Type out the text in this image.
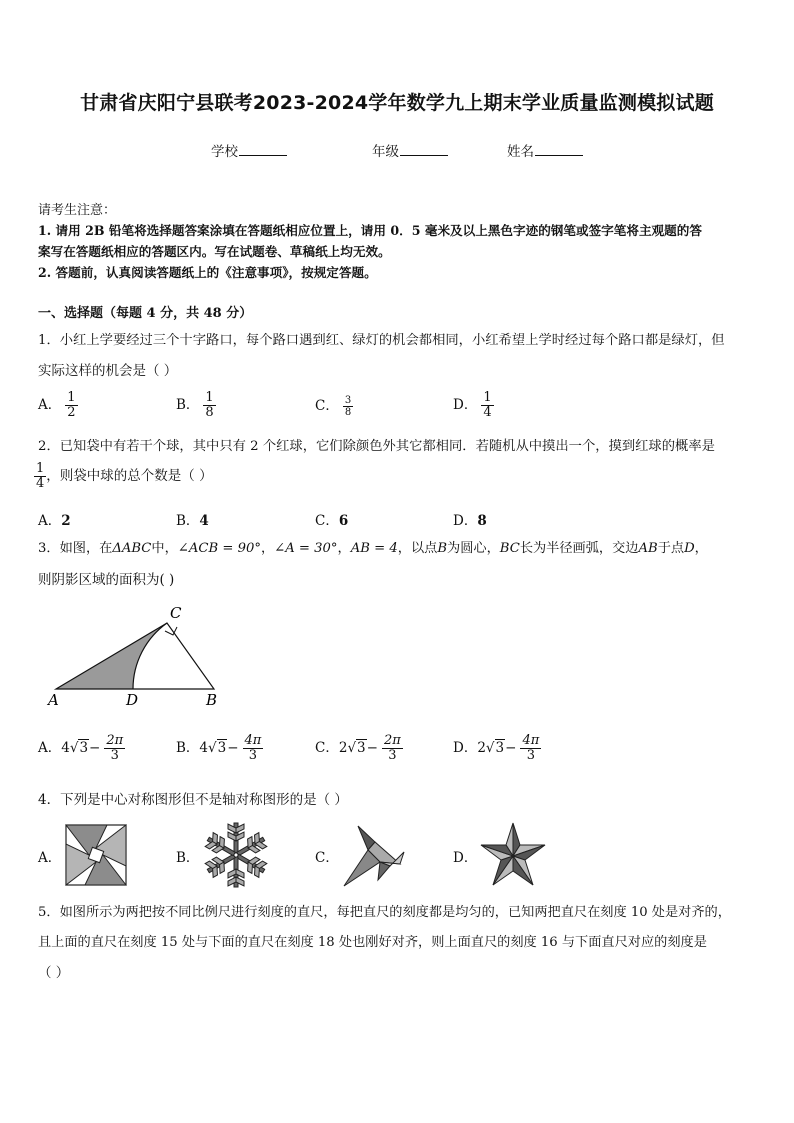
甘肃省庆阳宁县联考2023-2024学年数学九上期末学业质量监测模拟试题
学校	年级	姓名
请考生注意：
1. 请用 2B 铅笔将选择题答案涂填在答题纸相应位置上，请用 0．5 毫米及以上黑色字迹的钢笔或签字笔将主观题的答
案写在答题纸相应的答题区内。写在试题卷、草稿纸上均无效。
2. 答题前，认真阅读答题纸上的《注意事项》，按规定答题。
一、选择题（每题 4 分，共 48 分）
1．小红上学要经过三个十字路口，每个路口遇到红、绿灯的机会都相同，小红希望上学时经过每个路口都是绿灯，但
实际这样的机会是（ ）
A． $\frac{1}{2}$	B． $\frac{1}{8}$	C． $\frac{3}{8}$	D． $\frac{1}{4}$
2．已知袋中有若干个球，其中只有 2 个红球，它们除颜色外其它都相同．若随机从中摸出一个，摸到红球的概率是
$\frac{1}{4}$ ，则袋中球的总个数是（ ）
A．2	B．4	C．6	D．8
3．如图，在ΔABC中，∠ACB = 90°，∠A = 30°，AB = 4，以点B为圆心，BC长为半径画弧，交边AB于点D，
则阴影区域的面积为( )
C
A	D	B
A．$4√3- \frac{2\pi}{3}$	B．$4√3- \frac{4\pi}{3}$	C．$2√3- \frac{2\pi}{3}$	D．$2√3- \frac{4\pi}{3}$
4．下列是中心对称图形但不是轴对称图形的是（ ）
A．	B．	C．	D．
5．如图所示为两把按不同比例尺进行刻度的直尺，每把直尺的刻度都是均匀的，已知两把直尺在刻度 10 处是对齐的，
且上面的直尺在刻度 15 处与下面的直尺在刻度 18 处也刚好对齐，则上面直尺的刻度 16 与下面直尺对应的刻度是
（ ）
